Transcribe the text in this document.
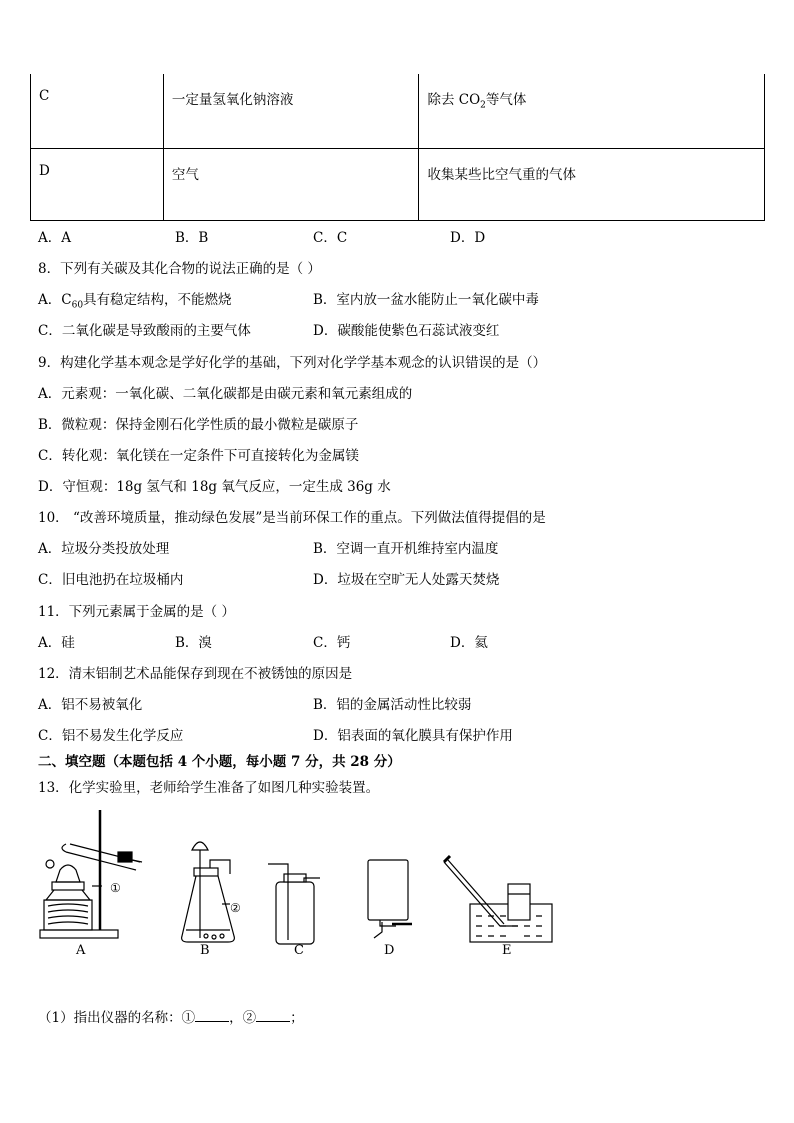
C	一定量氢氧化钠溶液	除去 $CO_2$等气体
D	空气	收集某些比空气重的气体
A．A	B．B	C．C	D．D
8．下列有关碳及其化合物的说法正确的是（ ）
A．$C_{60}$具有稳定结构，不能燃烧	B．室内放一盆水能防止一氧化碳中毒
C．二氧化碳是导致酸雨的主要气体	D．碳酸能使紫色石蕊试液变红
9．构建化学基本观念是学好化学的基础，下列对化学学基本观念的认识错误的是（）
A．元素观：一氧化碳、二氧化碳都是由碳元素和氧元素组成的
B．微粒观：保持金刚石化学性质的最小微粒是碳原子
C．转化观：氧化镁在一定条件下可直接转化为金属镁
D．守恒观：18g 氢气和 18g 氧气反应，一定生成 36g 水
10． “改善环境质量，推动绿色发展”是当前环保工作的重点。下列做法值得提倡的是
A．垃圾分类投放处理	B．空调一直开机维持室内温度
C．旧电池扔在垃圾桶内	D．垃圾在空旷无人处露天焚烧
11．下列元素属于金属的是（ ）
A．硅	B．溴	C．钙	D．氦
12．清末铝制艺术品能保存到现在不被锈蚀的原因是
A．铝不易被氧化	B．铝的金属活动性比较弱
C．铝不易发生化学反应	D．铝表面的氧化膜具有保护作用
二、填空题（本题包括 4 个小题，每小题 7 分，共 28 分）
13．化学实验里，老师给学生准备了如图几种实验装置。
①
②
A	B	C	D	E
（1）指出仪器的名称：①	，②	；
